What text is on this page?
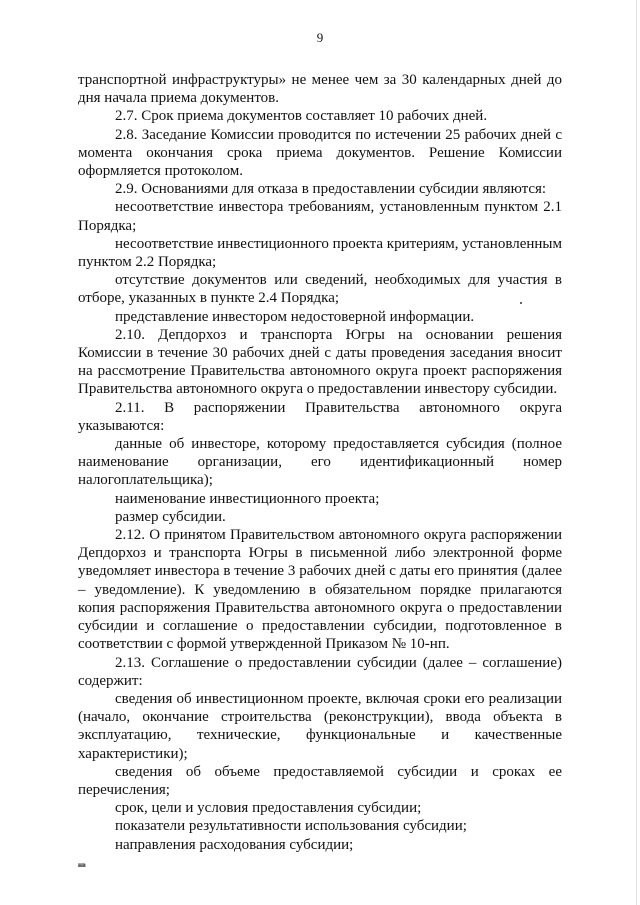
9

транспортной инфраструктуры» не менее чем за 30 календарных дней до дня начала приема документов.

2.7. Срок приема документов составляет 10 рабочих дней.

2.8. Заседание Комиссии проводится по истечении 25 рабочих дней с момента окончания срока приема документов. Решение Комиссии оформляется протоколом.

2.9. Основаниями для отказа в предоставлении субсидии являются:

несоответствие инвестора требованиям, установленным пунктом 2.1 Порядка;

несоответствие инвестиционного проекта критериям, установленным пунктом 2.2 Порядка;

отсутствие документов или сведений, необходимых для участия в отборе, указанных в пункте 2.4 Порядка;

представление инвестором недостоверной информации.

2.10. Депдорхоз и транспорта Югры на основании решения Комиссии в течение 30 рабочих дней с даты проведения заседания вносит на рассмотрение Правительства автономного округа проект распоряжения Правительства автономного округа о предоставлении инвестору субсидии.

2.11. В распоряжении Правительства автономного округа указываются:

данные об инвесторе, которому предоставляется субсидия (полное наименование организации, его идентификационный номер налогоплательщика);

наименование инвестиционного проекта;

размер субсидии.

2.12. О принятом Правительством автономного округа распоряжении Депдорхоз и транспорта Югры в письменной либо электронной форме уведомляет инвестора в течение 3 рабочих дней с даты его принятия (далее – уведомление). К уведомлению в обязательном порядке прилагаются копия распоряжения Правительства автономного округа о предоставлении субсидии и соглашение о предоставлении субсидии, подготовленное в соответствии с формой утвержденной Приказом № 10-нп.

2.13. Соглашение о предоставлении субсидии (далее – соглашение) содержит:

сведения об инвестиционном проекте, включая сроки его реализации (начало, окончание строительства (реконструкции), ввода объекта в эксплуатацию, технические, функциональные и качественные характеристики);

сведения об объеме предоставляемой субсидии и сроках ее перечисления;

срок, цели и условия предоставления субсидии;

показатели результативности использования субсидии;

направления расходования субсидии;

нв
